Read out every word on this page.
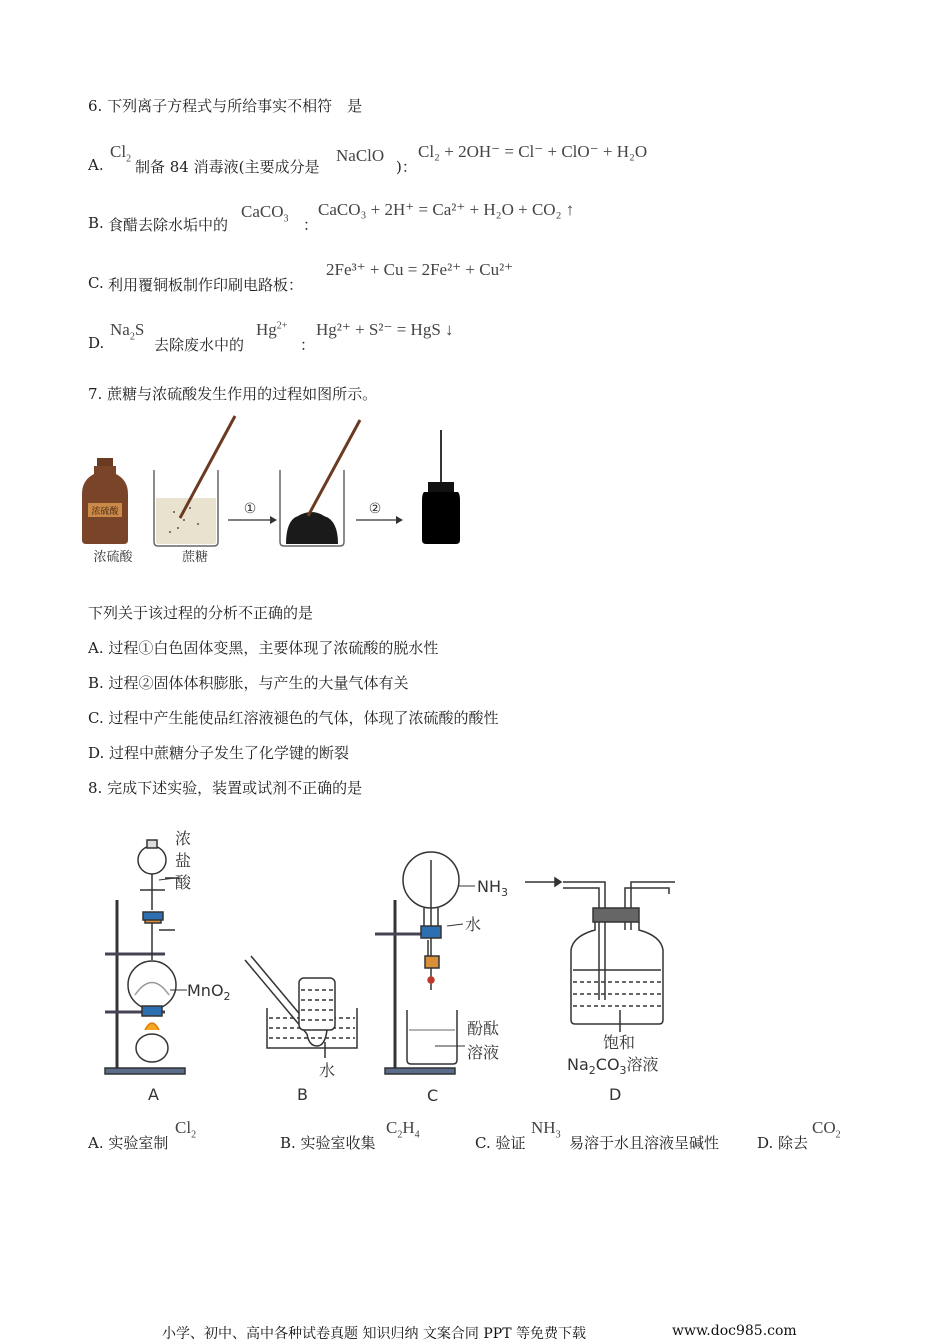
6. 下列离子方程式与所给事实不相符　是
A.
$Cl_2$ 制备 84 消毒液(主要成分是
NaClO
)：
Cl₂ + 2OH⁻ = Cl⁻ + ClO⁻ + H₂O
B. 食醋去除水垢中的
CaCO$_3$ ：
CaCO₃ + 2H⁺ = Ca²⁺ + H₂O + CO₂ ↑
C. 利用覆铜板制作印刷电路板：
2Fe³⁺ + Cu = 2Fe²⁺ + Cu²⁺
D.
$Na_2S$
去除废水中的
$Hg^{2+}$
：
Hg²⁺ + S²⁻ = HgS ↓
7. 蔗糖与浓硫酸发生作用的过程如图所示。
浓硫酸
浓硫酸	蔗糖
①	②
下列关于该过程的分析不正确的是
A. 过程①白色固体变黑，主要体现了浓硫酸的脱水性
B. 过程②固体体积膨胀，与产生的大量气体有关
C. 过程中产生能使品红溶液褪色的气体，体现了浓硫酸的酸性
D. 过程中蔗糖分子发生了化学键的断裂
8. 完成下述实验，装置或试剂不正确的是
浓
盐
酸
MnO$_2$
A
水
B
$NH_3$
水
酚酞
溶液
C
饱和
$Na_2CO_3$溶液
D
A. 实验室制
$Cl_2$	B. 实验室收集
$C_2H_4$	C. 验证
$NH_3$ 易溶于水且溶液呈碱性	D. 除去
$CO_2$
小学、初中、高中各种试卷真题 知识归纳 文案合同 PPT 等免费下载	www.doc985.com
